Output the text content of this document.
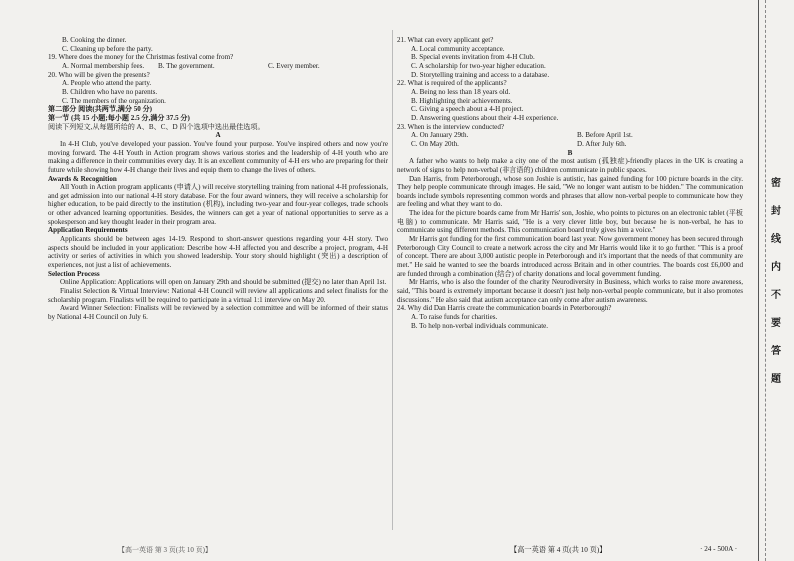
B. Cooking the dinner.

C. Cleaning up before the party.

19. Where does the money for the Christmas festival come from?

A. Normal membership fees.	B. The government.	C. Every member.

20. Who will be given the presents?

A. People who attend the party.

B. Children who have no parents.

C. The members of the organization.

第二部分 阅读(共两节,满分 50 分)

第一节 (共 15 小题;每小题 2.5 分,满分 37.5 分)

阅读下列短文,从每题所给的 A、B、C、D 四个选项中选出最佳选项。

A

In 4-H Club, you've developed your passion. You've found your purpose. You've inspired others and now you're moving forward. The 4-H Youth in Action program shows various stories and the leadership of 4-H youth who are making a difference in their communities every day. It is an excellent community of 4-H ers who are preparing for their future while showing how 4-H change their lives and equip them to change the lives of others.

Awards & Recognition

All Youth in Action program applicants (申请人) will receive storytelling training from national 4-H professionals, and get admission into our national 4-H story database. For the four award winners, they will receive a scholarship for higher education, to be paid directly to the institution (机构), including two-year and four-year colleges, trade schools or other advanced learning opportunities. Besides, the winners can get a year of national opportunities to serve as a spokesperson and key thought leader in their program area.

Application Requirements

Applicants should be between ages 14-19. Respond to short-answer questions regarding your 4-H story. Two aspects should be included in your application: Describe how 4-H affected you and describe a project, program, 4-H activity or series of activities in which you showed leadership. Your story should highlight (突出) a description of experiences, not just a list of achievements.

Selection Process

Online Application: Applications will open on January 29th and should be submitted (提交) no later than April 1st.

Finalist Selection & Virtual Interview: National 4-H Council will review all applications and select finalists for the scholarship program. Finalists will be required to participate in a virtual 1:1 interview on May 20.

Award Winner Selection: Finalists will be reviewed by a selection committee and will be informed of their status by National 4-H Council on July 6.

21. What can every applicant get?

A. Local community acceptance.

B. Special events invitation from 4-H Club.

C. A scholarship for two-year higher education.

D. Storytelling training and access to a database.

22. What is required of the applicants?

A. Being no less than 18 years old.

B. Highlighting their achievements.

C. Giving a speech about a 4-H project.

D. Answering questions about their 4-H experience.

23. When is the interview conducted?

A. On January 29th.	B. Before April 1st.
C. On May 20th.	D. After July 6th.

B

A father who wants to help make a city one of the most autism (孤独症)-friendly places in the UK is creating a network of signs to help non-verbal (非言语的) children communicate in public spaces.

Dan Harris, from Peterborough, whose son Joshie is autistic, has gained funding for 100 picture boards in the city. They help people communicate through images. He said, "We no longer want autism to be hidden." The communication boards include symbols representing common words and phrases that allow non-verbal people to communicate how they are feeling and what they want to do.

The idea for the picture boards came from Mr Harris' son, Joshie, who points to pictures on an electronic tablet (平板电脑) to communicate. Mr Harris said, "He is a very clever little boy, but because he is non-verbal, he has to communicate using different methods. This communication board truly gives him a voice."

Mr Harris got funding for the first communication board last year. Now government money has been secured through Peterborough City Council to create a network across the city and Mr Harris would like it to go further. "This is a proof of concept. There are about 3,000 autistic people in Peterborough and it's important that the needs of that community are met." He said he wanted to see the boards introduced across Britain and in other countries. The boards cost £6,000 and are funded through a combination (结合) of charity donations and local government funding.

Mr Harris, who is also the founder of the charity Neurodiversity in Business, which works to raise more awareness, said, "This board is extremely important because it doesn't just help non-verbal people communicate, but it also promotes discussions." He also said that autism acceptance can only come after autism awareness.

24. Why did Dan Harris create the communication boards in Peterborough?

A. To raise funds for charities.

B. To help non-verbal individuals communicate.

密
封
线
内
不
要
答
题
【高一英语 第 3 页(共 10 页)】	【高一英语 第 4 页(共 10 页)】	· 24 - 500A ·
